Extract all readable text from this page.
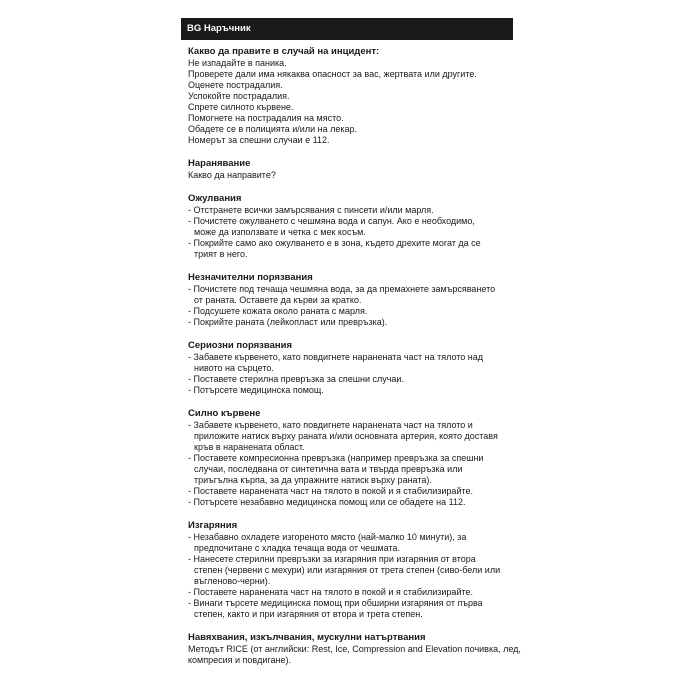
BG Наръчник
Какво да правите в случай на инцидент:
Не изпадайте в паника.
Проверете дали има някаква опасност за вас, жертвата или другите.
Оценете пострадалия.
Успокойте пострадалия.
Спрете силното кървене.
Помогнете на пострадалия на място.
Обадете се в полицията и/или на лекар.
Номерът за спешни случаи е 112.
Наранявание
Какво да направите?
Ожулвания
- Отстранете всички замърсявания с пинсети и/или марля.
- Почистете ожулването с чешмяна вода и сапун. Ако е необходимо,
може да използвате и четка с мек косъм.
- Покрийте само ако ожулването е в зона, където дрехите могат да се
трият в него.
Незначителни порязвания
- Почистете под течаща чешмяна вода, за да премахнете замърсяването
от раната. Оставете да кърви за кратко.
- Подсушете кожата около раната с марля.
- Покрийте раната (лейкопласт или превръзка).
Сериозни порязвания
- Забавете кървенето, като повдигнете наранената част на тялото над
нивото на сърцето.
- Поставете стерилна превръзка за спешни случаи.
- Потърсете медицинска помощ.
Силно кървене
- Забавете кървенето, като повдигнете наранената част на тялото и
приложите натиск върху раната и/или основната артерия, която доставя
кръв в наранената област.
- Поставете компресионна превръзка (например превръзка за спешни
случаи, последвана от синтетична вата и твърда превръзка или
триъгълна кърпа, за да упражните натиск върху раната).
- Поставете наранената част на тялото в покой и я стабилизирайте.
- Потърсете незабавно медицинска помощ или се обадете на 112.
Изгаряния
- Незабавно охладете изгореното място (най-малко 10 минути), за
предпочитане с хладка течаща вода от чешмата.
- Нанесете стерилни превръзки за изгаряния при изгаряния от втора
степен (червени с мехури) или изгаряния от трета степен (сиво-бели или
въгленово-черни).
- Поставете наранената част на тялото в покой и я стабилизирайте.
- Винаги търсете медицинска помощ при обширни изгаряния от първа
степен, както и при изгаряния от втора и трета степен.
Навяхвания, изкълчвания, мускулни натъртвания
Методът RICE (от английски: Rest, Ice, Compression and Elevation почивка, лед,
компресия и повдигане).
